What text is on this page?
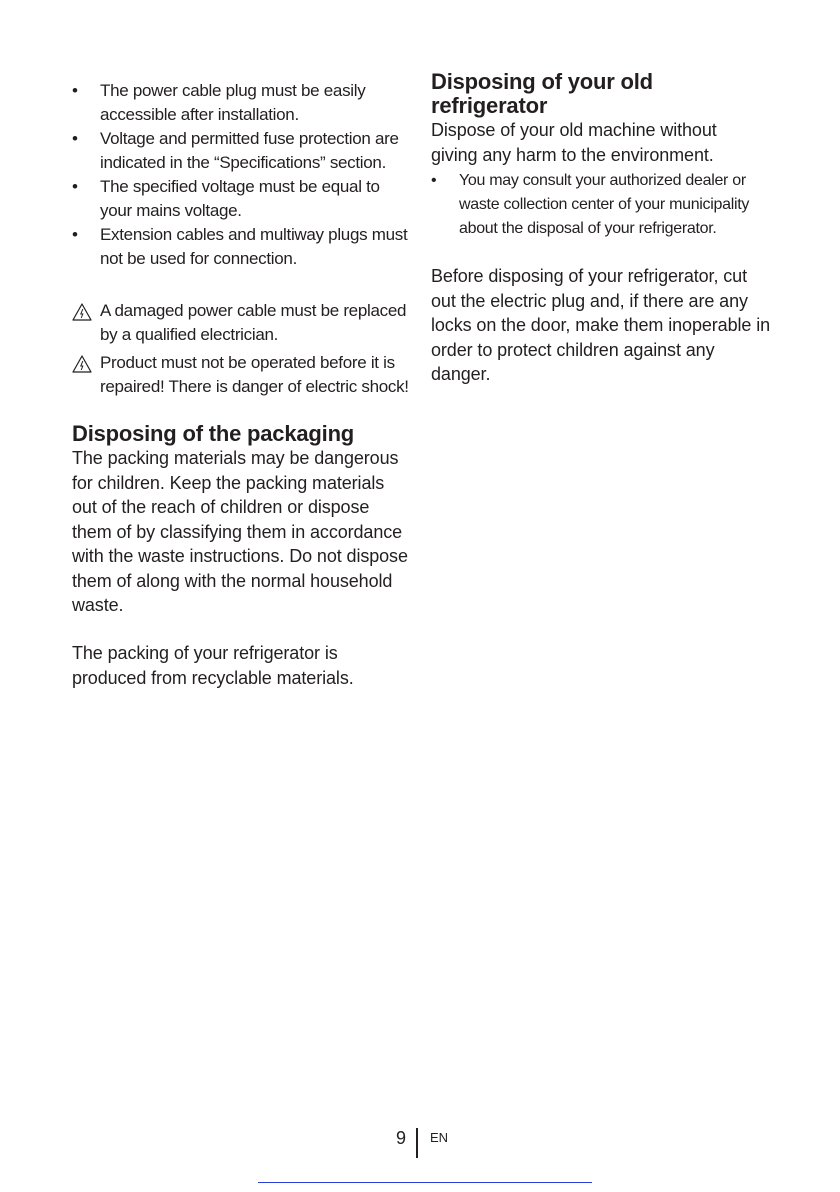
• The power cable plug must be easily accessible after installation.
• Voltage and permitted fuse protection are indicated in the “Specifications” section.
• The specified voltage must be equal to your mains voltage.
• Extension cables and multiway plugs must not be used for connection.
A damaged power cable must be replaced by a qualified electrician.
Product must not be operated before it is repaired! There is danger of electric shock!
Disposing of the packaging

The packing materials may be dangerous for children. Keep the packing materials out of the reach of children or dispose them of by classifying them in accordance with the waste instructions. Do not dispose them of along with the normal household waste.

The packing of your refrigerator is produced from recyclable materials.

Disposing of your old refrigerator

Dispose of your old machine without giving any harm to the environment.

• You may consult your authorized dealer or waste collection center of your municipality about the disposal of your refrigerator.

Before disposing of your refrigerator, cut out the electric plug and, if there are any locks on the door, make them inoperable in order to protect children against any danger.

9 EN
